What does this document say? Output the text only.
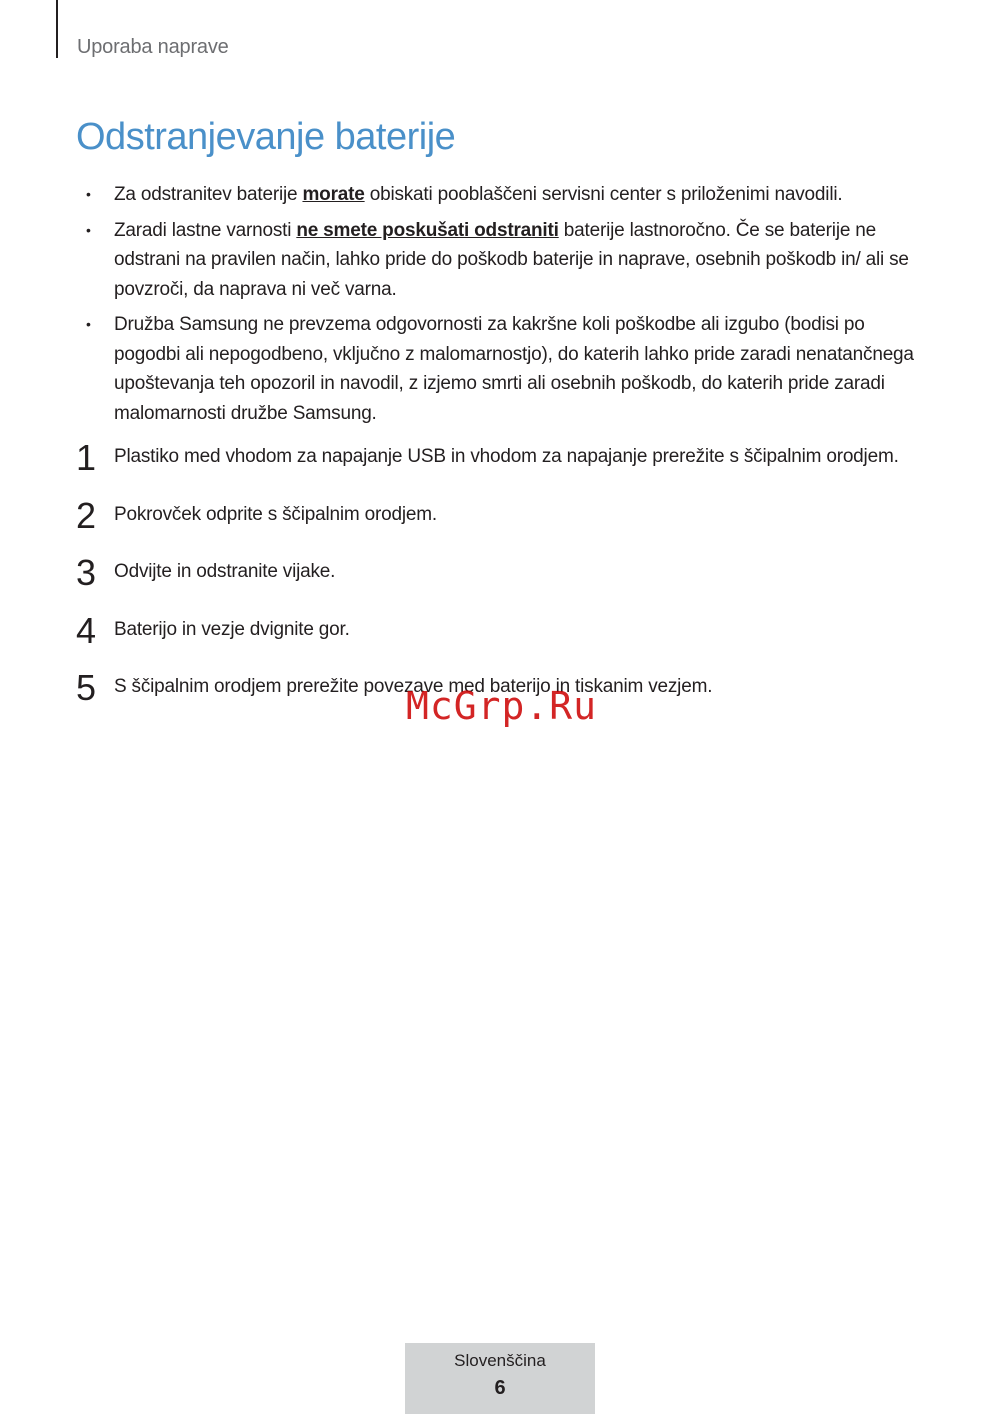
Uporaba naprave
Odstranjevanje baterije
• Za odstranitev baterije morate obiskati pooblaščeni servisni center s priloženimi navodili.
• Zaradi lastne varnosti ne smete poskušati odstraniti baterije lastnoročno. Če se baterije ne odstrani na pravilen način, lahko pride do poškodb baterije in naprave, osebnih poškodb in/ ali se povzroči, da naprava ni več varna.
• Družba Samsung ne prevzema odgovornosti za kakršne koli poškodbe ali izgubo (bodisi po pogodbi ali nepogodbeno, vključno z malomarnostjo), do katerih lahko pride zaradi nenatančnega upoštevanja teh opozoril in navodil, z izjemo smrti ali osebnih poškodb, do katerih pride zaradi malomarnosti družbe Samsung.
1 Plastiko med vhodom za napajanje USB in vhodom za napajanje prerežite s ščipalnim orodjem.
2 Pokrovček odprite s ščipalnim orodjem.
3 Odvijte in odstranite vijake.
4 Baterijo in vezje dvignite gor.
5 S ščipalnim orodjem prerežite povezave med baterijo in tiskanim vezjem.
McGrp.Ru
Slovenščina
6
